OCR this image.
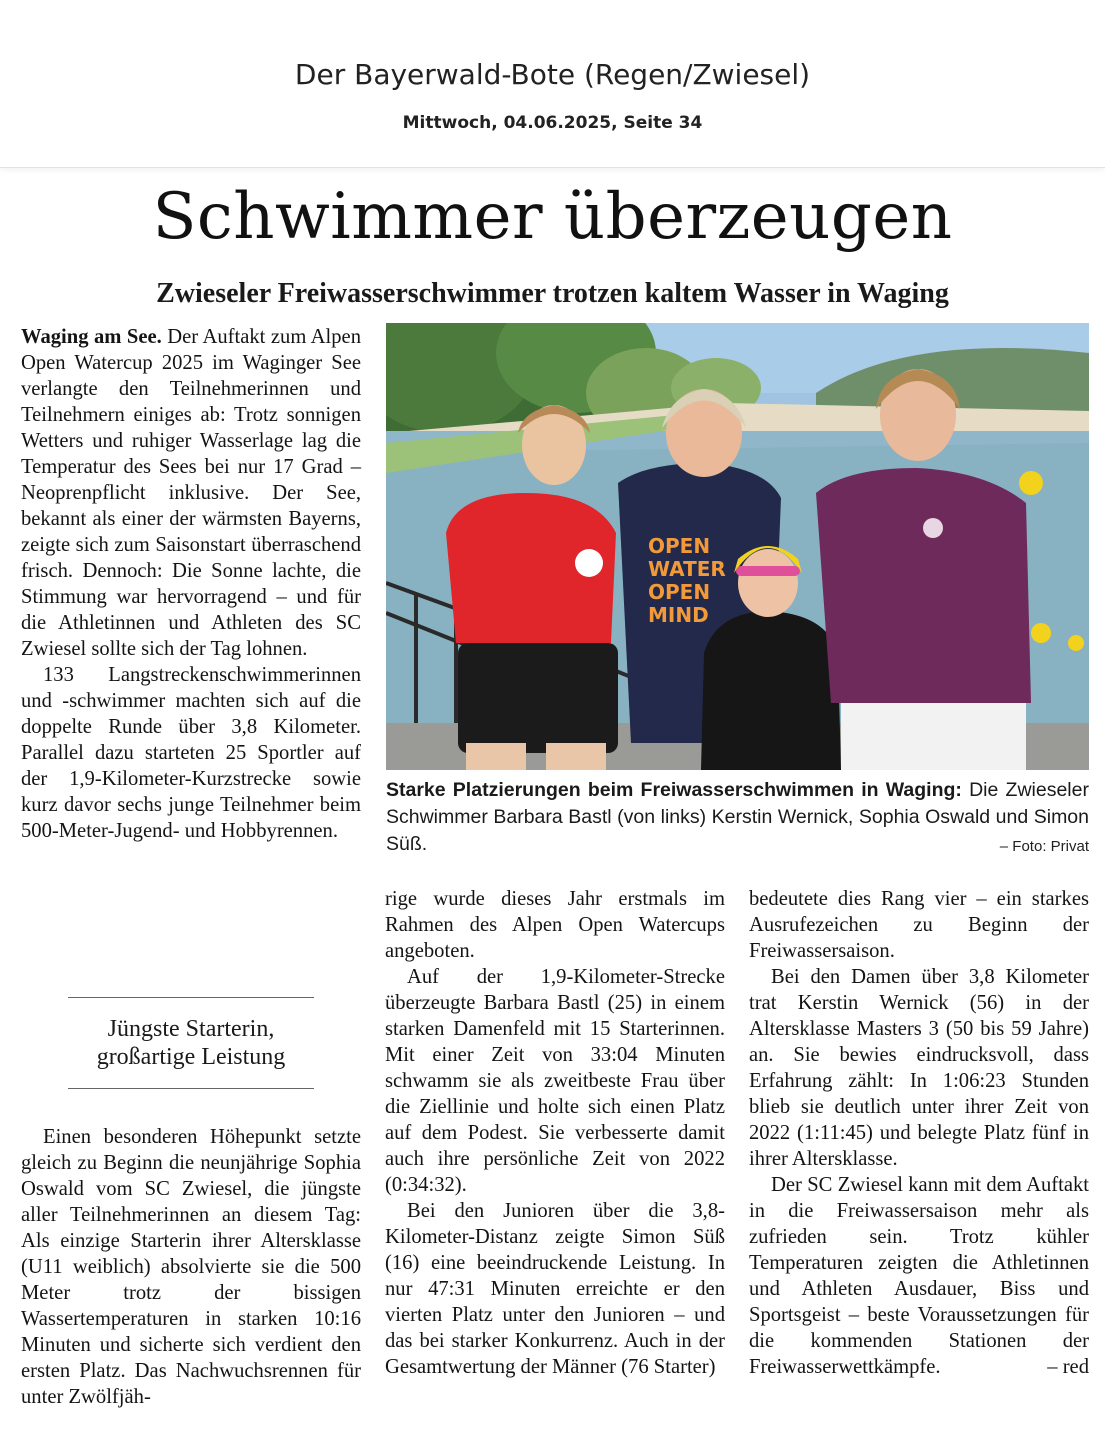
Der Bayerwald-Bote (Regen/Zwiesel)
Mittwoch, 04.06.2025, Seite 34
Schwimmer überzeugen
Zwieseler Freiwasserschwimmer trotzen kaltem Wasser in Waging

Waging am See. Der Auftakt zum Alpen Open Watercup 2025 im Waginger See verlangte den Teilnehmerinnen und Teilnehmern einiges ab: Trotz sonnigen Wetters und ruhiger Wasserlage lag die Temperatur des Sees bei nur 17 Grad – Neoprenpflicht inklusive. Der See, bekannt als einer der wärmsten Bayerns, zeigte sich zum Saisonstart überraschend frisch. Dennoch: Die Sonne lachte, die Stimmung war hervorragend – und für die Athletinnen und Athleten des SC Zwiesel sollte sich der Tag lohnen.

133 Langstreckenschwimmerinnen und -schwimmer machten sich auf die doppelte Runde über 3,8 Kilometer. Parallel dazu starteten 25 Sportler auf der 1,9-Kilometer-Kurzstrecke sowie kurz davor sechs junge Teilnehmer beim 500-Meter-Jugend- und Hobbyrennen.

Jüngste Starterin,
großartige Leistung

Einen besonderen Höhepunkt setzte gleich zu Beginn die neunjährige Sophia Oswald vom SC Zwiesel, die jüngste aller Teilnehmerinnen an diesem Tag: Als einzige Starterin ihrer Altersklasse (U11 weiblich) absolvierte sie die 500 Meter trotz der bissigen Wassertemperaturen in starken 10:16 Minuten und sicherte sich verdient den ersten Platz. Das Nachwuchsrennen für unter Zwölfjäh-

OPEN
WATER
OPEN
MIND
Starke Platzierungen beim Freiwasserschwimmen in Waging: Die Zwieseler Schwimmer Barbara Bastl (von links) Kerstin Wernick, Sophia Oswald und Simon Süß.	– Foto: Privat

rige wurde dieses Jahr erstmals im Rahmen des Alpen Open Watercups angeboten.

Auf der 1,9-Kilometer-Strecke überzeugte Barbara Bastl (25) in einem starken Damenfeld mit 15 Starterinnen. Mit einer Zeit von 33:04 Minuten schwamm sie als zweitbeste Frau über die Ziellinie und holte sich einen Platz auf dem Podest. Sie verbesserte damit auch ihre persönliche Zeit von 2022 (0:34:32).

Bei den Junioren über die 3,8-Kilometer-Distanz zeigte Simon Süß (16) eine beeindruckende Leistung. In nur 47:31 Minuten erreichte er den vierten Platz unter den Junioren – und das bei starker Konkurrenz. Auch in der Gesamtwertung der Männer (76 Starter)

bedeutete dies Rang vier – ein starkes Ausrufezeichen zu Beginn der Freiwassersaison.

Bei den Damen über 3,8 Kilometer trat Kerstin Wernick (56) in der Altersklasse Masters 3 (50 bis 59 Jahre) an. Sie bewies eindrucksvoll, dass Erfahrung zählt: In 1:06:23 Stunden blieb sie deutlich unter ihrer Zeit von 2022 (1:11:45) und belegte Platz fünf in ihrer Altersklasse.

Der SC Zwiesel kann mit dem Auftakt in die Freiwassersaison mehr als zufrieden sein. Trotz kühler Temperaturen zeigten die Athletinnen und Athleten Ausdauer, Biss und Sportsgeist – beste Voraussetzungen für die kommenden Stationen der Freiwasserwettkämpfe.	– red
